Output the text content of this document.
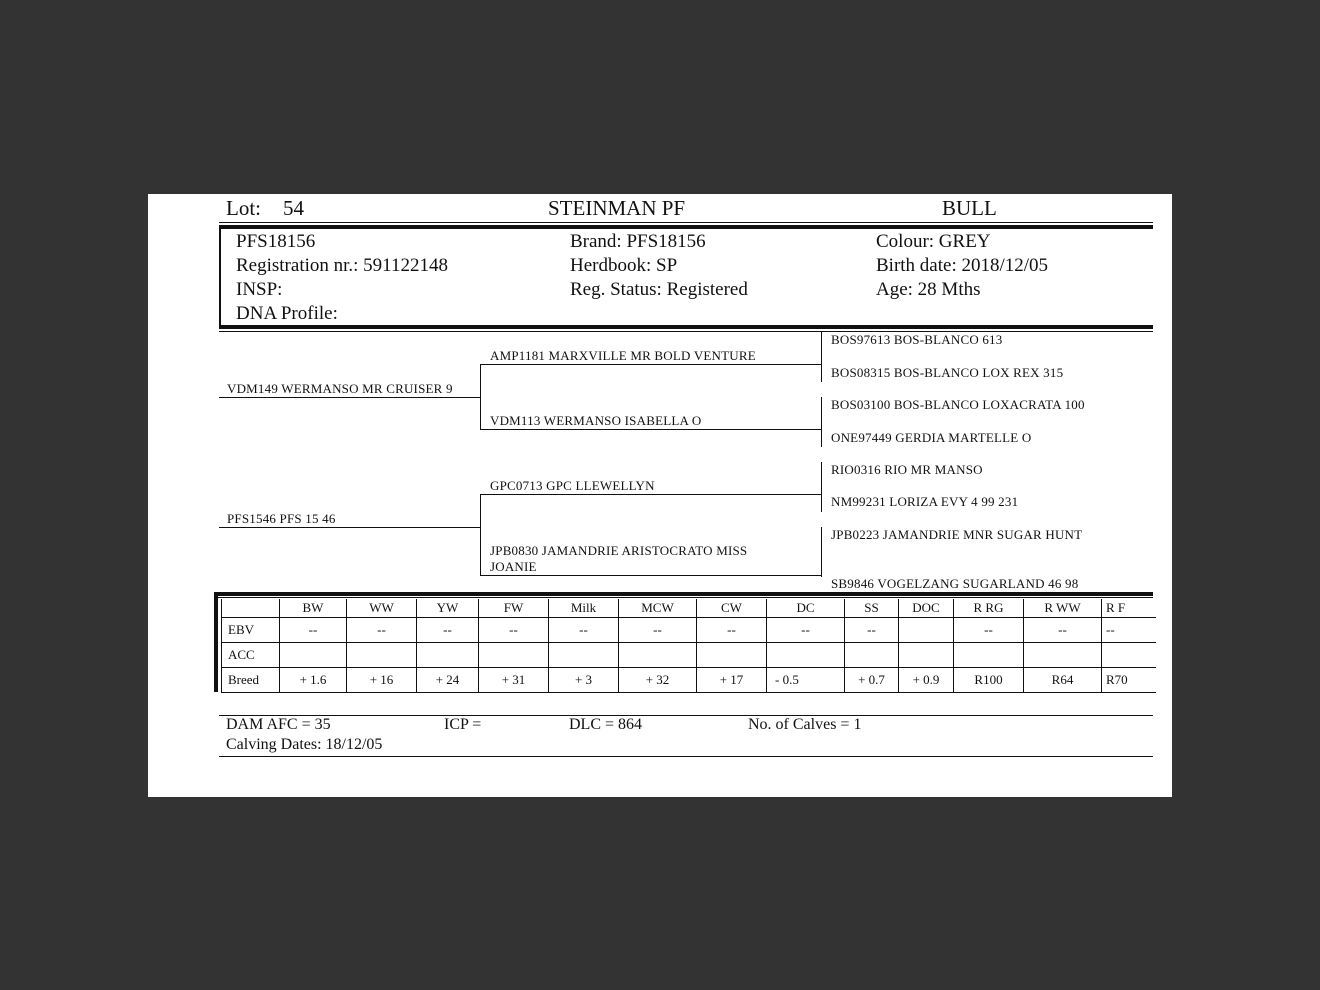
Lot: 54	STEINMAN PF	BULL
PFS18156
Registration nr.: 591122148
INSP:
DNA Profile:
Brand: PFS18156
Herdbook: SP
Reg. Status: Registered
Colour: GREY
Birth date: 2018/12/05
Age: 28 Mths
VDM149 WERMANSO MR CRUISER 9
PFS1546 PFS 15 46
AMP1181 MARXVILLE MR BOLD VENTURE
VDM113 WERMANSO ISABELLA O
GPC0713 GPC LLEWELLYN
JPB0830 JAMANDRIE ARISTOCRATO MISS
JOANIE
BOS97613 BOS-BLANCO 613
BOS08315 BOS-BLANCO LOX REX 315
BOS03100 BOS-BLANCO LOXACRATA 100
ONE97449 GERDIA MARTELLE O
RIO0316 RIO MR MANSO
NM99231 LORIZA EVY 4 99 231
JPB0223 JAMANDRIE MNR SUGAR HUNT
SB9846 VOGELZANG SUGARLAND 46 98
	BW	WW	YW	FW	Milk	MCW	CW	DC	SS	DOC	R RG	R WW	R F
EBV	--	--	--	--	--	--	--	--	--		--	--	--
ACC													
Breed	+ 1.6	+ 16	+ 24	+ 31	+ 3	+ 32	+ 17	- 0.5	+ 0.7	+ 0.9	R100	R64	R70
DAM AFC = 35	ICP =	DLC = 864	No. of Calves = 1
Calving Dates: 18/12/05
